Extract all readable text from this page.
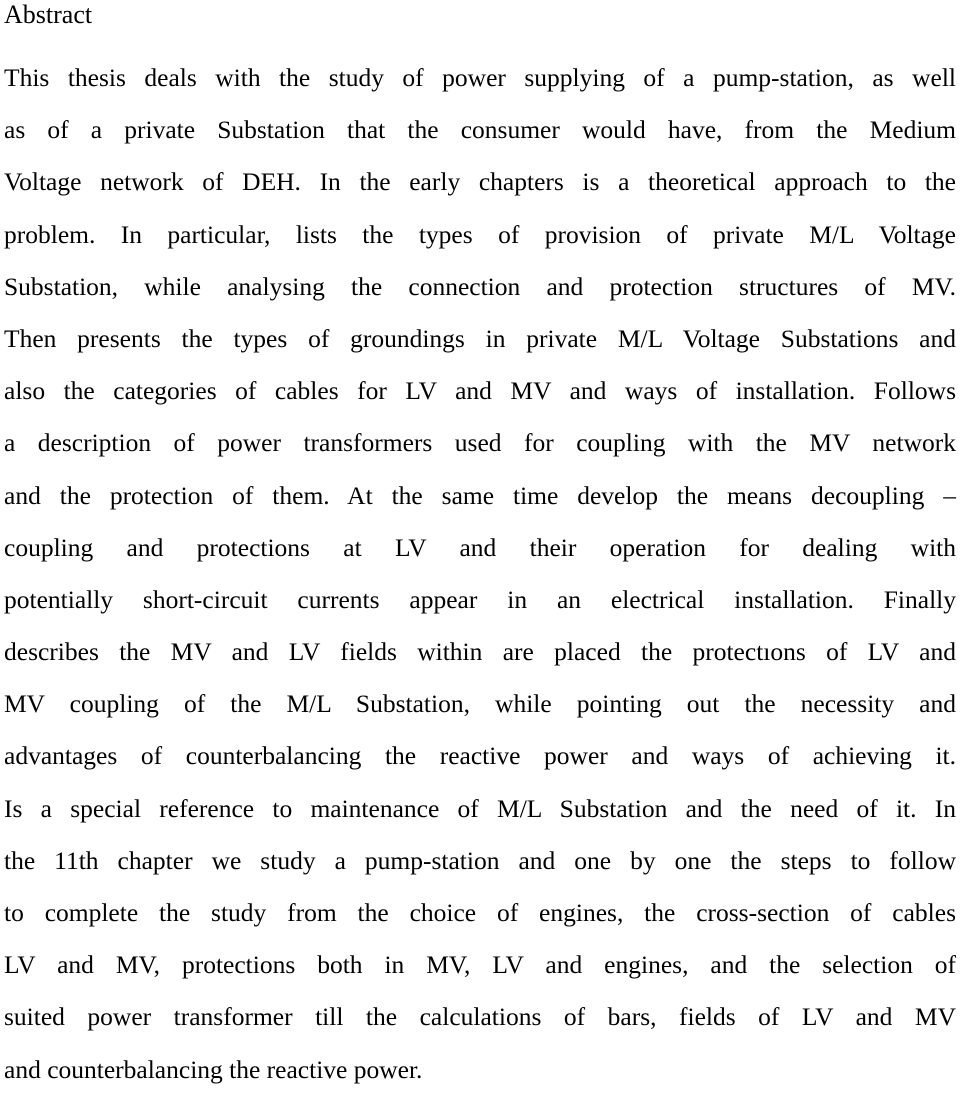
Abstract
This thesis deals with the study of power supplying of a pump-station, as well
as of a private Substation that the consumer would have, from the Medium
Voltage network of DEH. In the early chapters is a theoretical approach to the
problem. In particular, lists the types of provision of private M/L Voltage
Substation, while analysing the connection and protection structures of MV.
Then presents the types of groundings in private M/L Voltage Substations and
also the categories of cables for LV and MV and ways of installation. Follows
a description of power transformers used for coupling with the MV network
and the protection of them. At the same time develop the means decoupling –
coupling and protections at LV and their operation for dealing with
potentially short-circuit currents appear in an electrical installation. Finally
describes the MV and LV fields within are placed the protectıons of LV and
MV coupling of the M/L Substation, while pointing out the necessity and
advantages of counterbalancing the reactive power and ways of achieving it.
Is a special reference to maintenance of M/L Substation and the need of it. In
the 11th chapter we study a pump-station and one by one the steps to follow
to complete the study from the choice of engines, the cross-section of cables
LV and MV, protections both in MV, LV and engines, and the selection of
suited power transformer till the calculations of bars, fields of LV and MV
and counterbalancing the reactive power.
